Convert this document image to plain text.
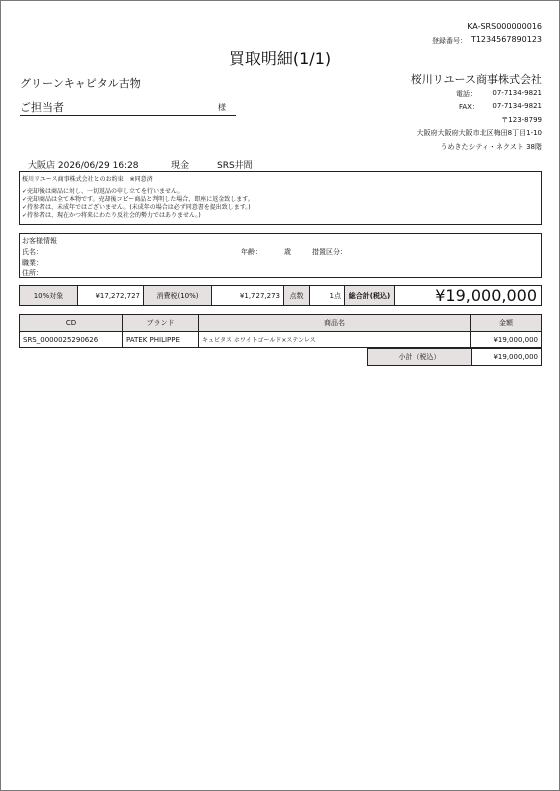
KA-SRS000000016
登録番号： T1234567890123
買取明細(1/1)
グリーンキャピタル古物
ご担当者	様
桜川リユース商事株式会社
電話： 07-7134-9821
FAX： 07-7134-9821
〒123-8799
大阪府大阪府大阪市北区梅田8丁目1-10
うめきたシティ・ネクスト 38階
大阪店 2026/06/29 16:28	現金	SRS井間
桜川リユース商事株式会社とのお約束　※同意済
✓売却後は商品に対し、一切返品の申し立てを行いません。
✓売却商品は全て本物です。売却後コピー商品と判明した場合、即座に返金致します。
✓持参者は、未成年ではございません。(未成年の場合は必ず同意書を提出致します。)
✓持参者は、現在かつ将来にわたり反社会的勢力ではありません。)
お客様情報
氏名：	年齢：	歳	措置区分：
職業：
住所：
10%対象	¥17,272,727	消費税(10%)	¥1,727,273	点数	1点	総合計(税込)	¥19,000,000
CD	ブランド	商品名	金額
SRS_0000025290626	PATEK PHILIPPE	キュビタス ホワイトゴールド×ステンレス	¥19,000,000
小計（税込）	¥19,000,000
